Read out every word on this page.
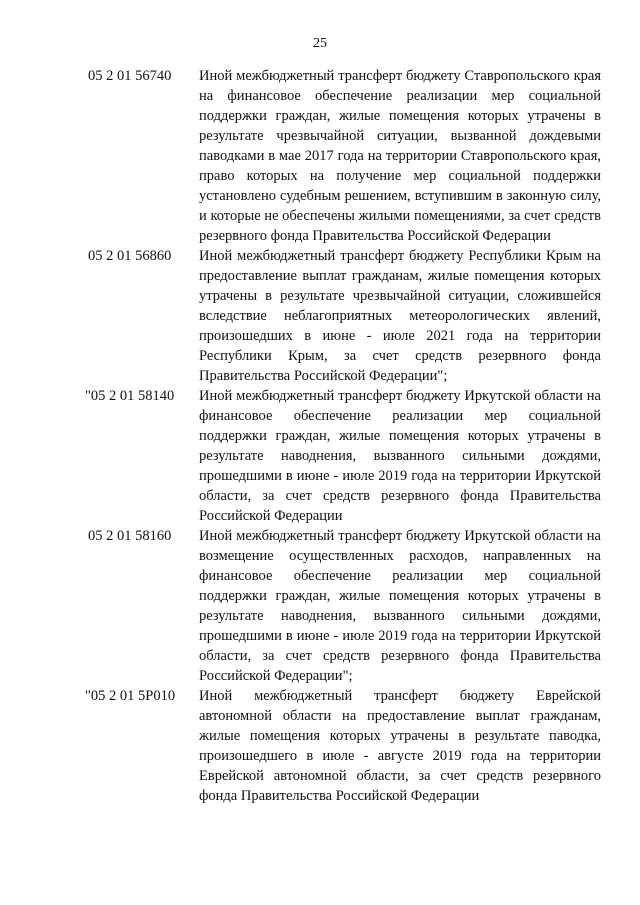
25
05 2 01 56740 Иной межбюджетный трансферт бюджету Ставропольского края на финансовое обеспечение реализации мер социальной поддержки граждан, жилые помещения которых утрачены в результате чрезвычайной ситуации, вызванной дождевыми паводками в мае 2017 года на территории Ставропольского края, право которых на получение мер социальной поддержки установлено судебным решением, вступившим в законную силу, и которые не обеспечены жилыми помещениями, за счет средств резервного фонда Правительства Российской Федерации
05 2 01 56860 Иной межбюджетный трансферт бюджету Республики Крым на предоставление выплат гражданам, жилые помещения которых утрачены в результате чрезвычайной ситуации, сложившейся вследствие неблагоприятных метеорологических явлений, произошедших в июне - июле 2021 года на территории Республики Крым, за счет средств резервного фонда Правительства Российской Федерации";
"05 2 01 58140 Иной межбюджетный трансферт бюджету Иркутской области на финансовое обеспечение реализации мер социальной поддержки граждан, жилые помещения которых утрачены в результате наводнения, вызванного сильными дождями, прошедшими в июне - июле 2019 года на территории Иркутской области, за счет средств резервного фонда Правительства Российской Федерации
05 2 01 58160 Иной межбюджетный трансферт бюджету Иркутской области на возмещение осуществленных расходов, направленных на финансовое обеспечение реализации мер социальной поддержки граждан, жилые помещения которых утрачены в результате наводнения, вызванного сильными дождями, прошедшими в июне - июле 2019 года на территории Иркутской области, за счет средств резервного фонда Правительства Российской Федерации";
"05 2 01 5Р010 Иной межбюджетный трансферт бюджету Еврейской автономной области на предоставление выплат гражданам, жилые помещения которых утрачены в результате паводка, произошедшего в июле - августе 2019 года на территории Еврейской автономной области, за счет средств резервного фонда Правительства Российской Федерации
